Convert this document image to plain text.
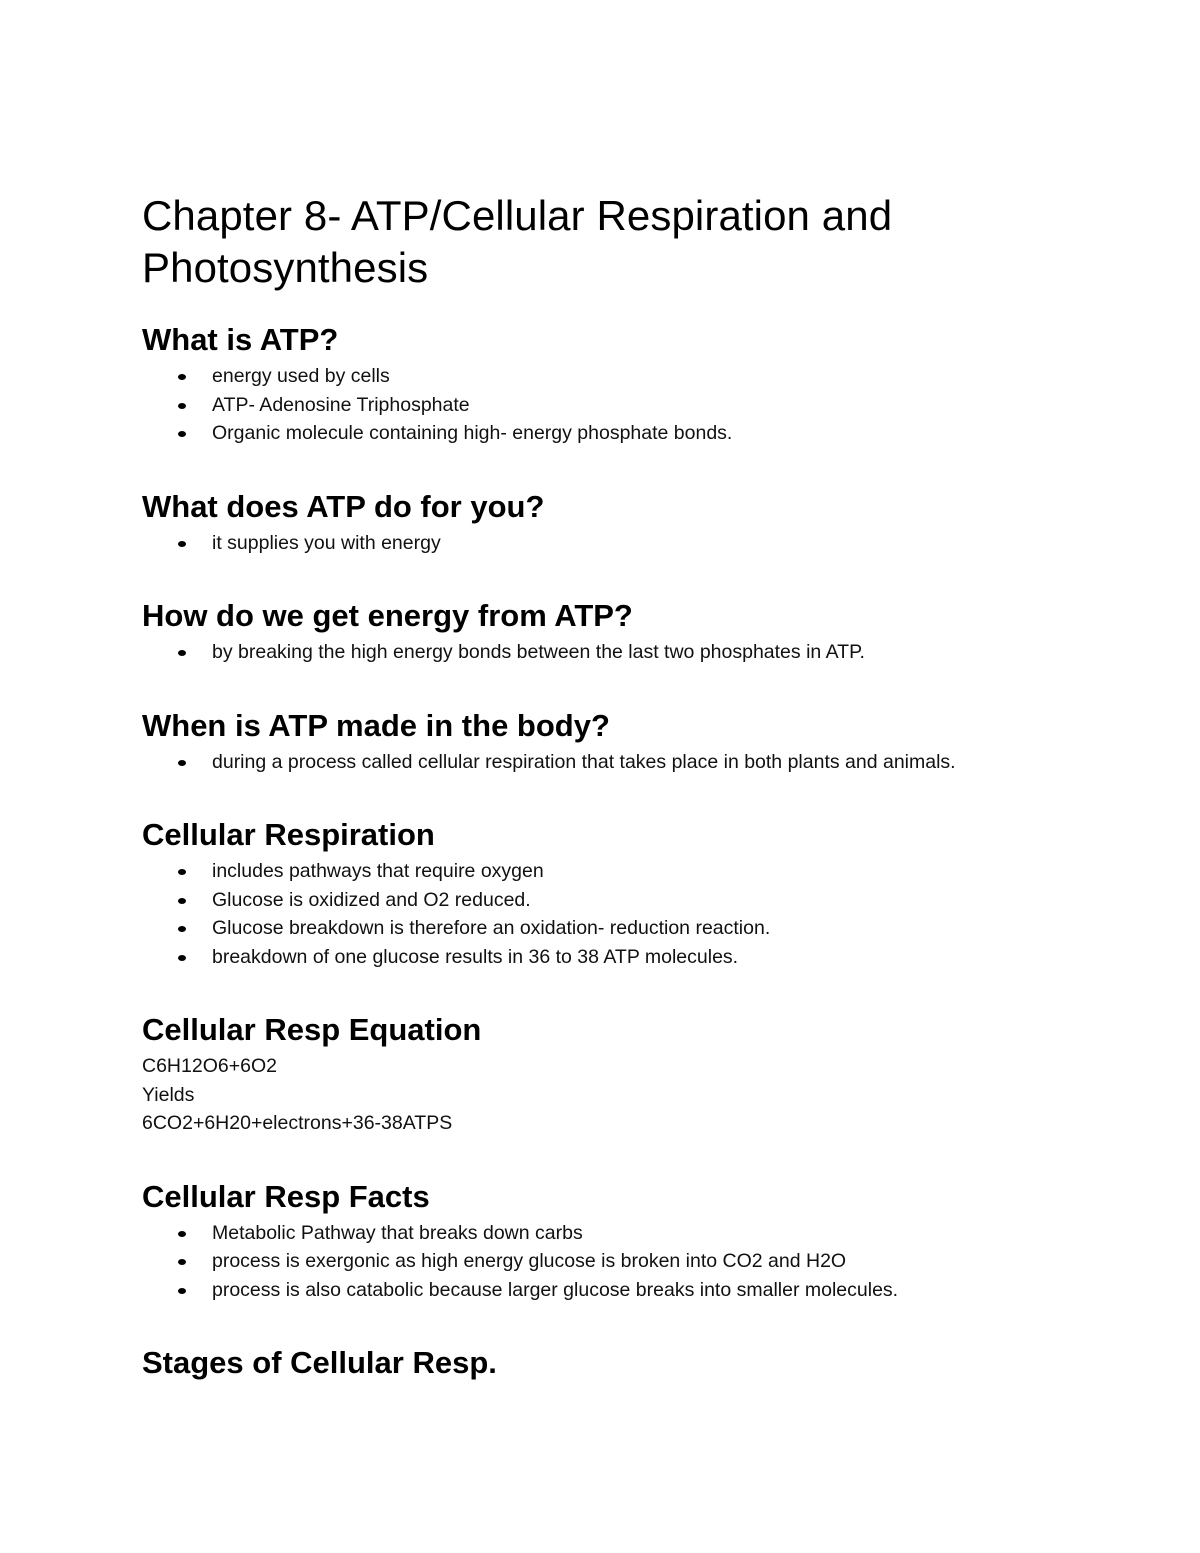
Chapter 8- ATP/Cellular Respiration and Photosynthesis
What is ATP?
energy used by cells
ATP- Adenosine Triphosphate
Organic molecule containing high- energy phosphate bonds.
What does ATP do for you?
it supplies you with energy
How do we get energy from ATP?
by breaking the high energy bonds between the last two phosphates in ATP.
When is ATP made in the body?
during a process called cellular respiration that takes place in both plants and animals.
Cellular Respiration
includes pathways that require oxygen
Glucose is oxidized and O2 reduced.
Glucose breakdown is therefore an oxidation- reduction reaction.
breakdown of one glucose results in 36 to 38 ATP molecules.
Cellular Resp Equation
C6H12O6+6O2
Yields
6CO2+6H20+electrons+36-38ATPS
Cellular Resp Facts
Metabolic Pathway that breaks down carbs
process is exergonic as high energy glucose is broken into CO2 and H2O
process is also catabolic because larger glucose breaks into smaller molecules.
Stages of Cellular Resp.
